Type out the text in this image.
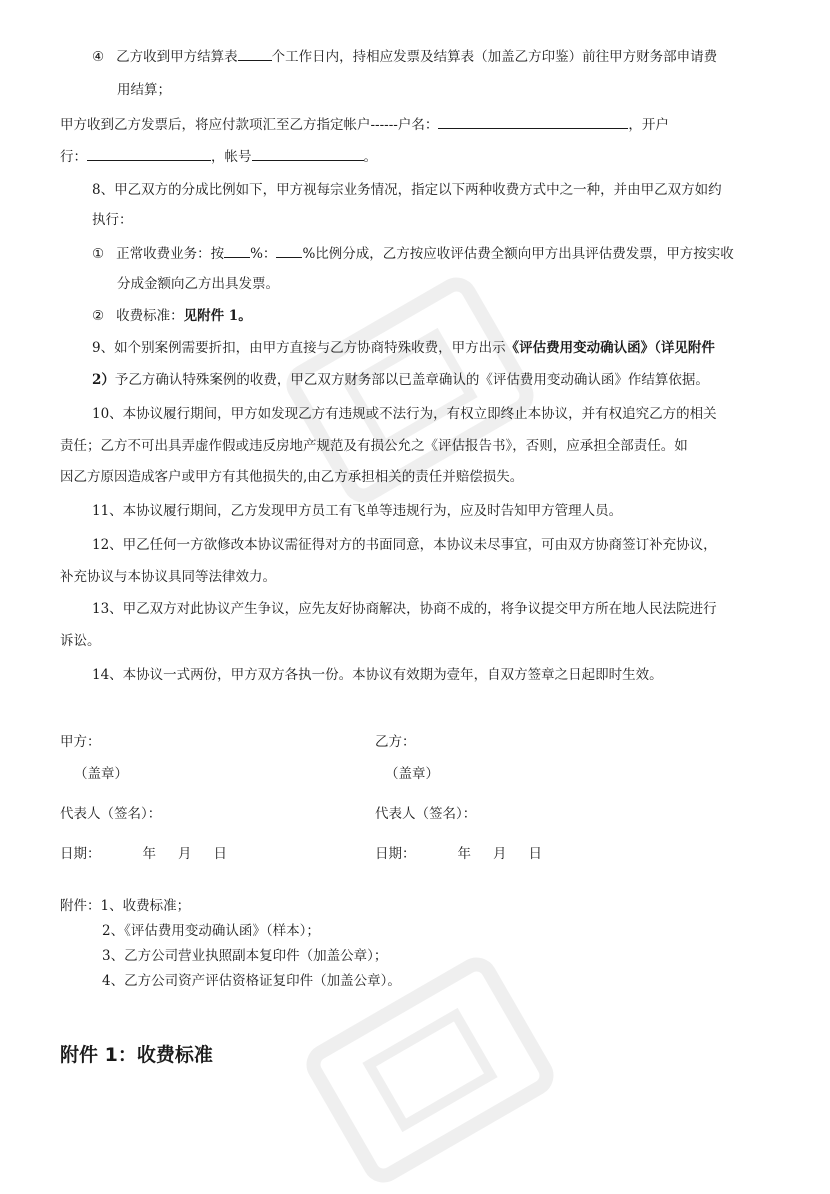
④ 乙方收到甲方结算表	个工作日内，持相应发票及结算表（加盖乙方印鉴）前往甲方财务部申请费
用结算；
甲方收到乙方发票后，将应付款项汇至乙方指定帐户------户名：	，开户
行：	，帐号	。
8、甲乙双方的分成比例如下，甲方视每宗业务情况，指定以下两种收费方式中之一种，并由甲乙双方如约
执行：
① 正常收费业务：按 %： %比例分成，乙方按应收评估费全额向甲方出具评估费发票，甲方按实收
分成金额向乙方出具发票。
② 收费标准：见附件 1。
9、如个别案例需要折扣，由甲方直接与乙方协商特殊收费，甲方出示《评估费用变动确认函》（详见附件
2）予乙方确认特殊案例的收费，甲乙双方财务部以已盖章确认的《评估费用变动确认函》作结算依据。
10、本协议履行期间，甲方如发现乙方有违规或不法行为，有权立即终止本协议，并有权追究乙方的相关
责任；乙方不可出具弄虚作假或违反房地产规范及有损公允之《评估报告书》，否则，应承担全部责任。如
因乙方原因造成客户或甲方有其他损失的,由乙方承担相关的责任并赔偿损失。
11、本协议履行期间，乙方发现甲方员工有飞单等违规行为，应及时告知甲方管理人员。
12、甲乙任何一方欲修改本协议需征得对方的书面同意，本协议未尽事宜，可由双方协商签订补充协议，
补充协议与本协议具同等法律效力。
13、甲乙双方对此协议产生争议，应先友好协商解决，协商不成的，将争议提交甲方所在地人民法院进行
诉讼。
14、本协议一式两份，甲方双方各执一份。本协议有效期为壹年，自双方签章之日起即时生效。
甲方：	乙方：
（盖章）	（盖章）
代表人（签名）：	代表人（签名）：
日期：	年 月 日	日期：	年 月 日
附件：1、收费标准；
2、《评估费用变动确认函》（样本）；
3、乙方公司营业执照副本复印件（加盖公章）；
4、乙方公司资产评估资格证复印件（加盖公章）。
附件 1：收费标准
